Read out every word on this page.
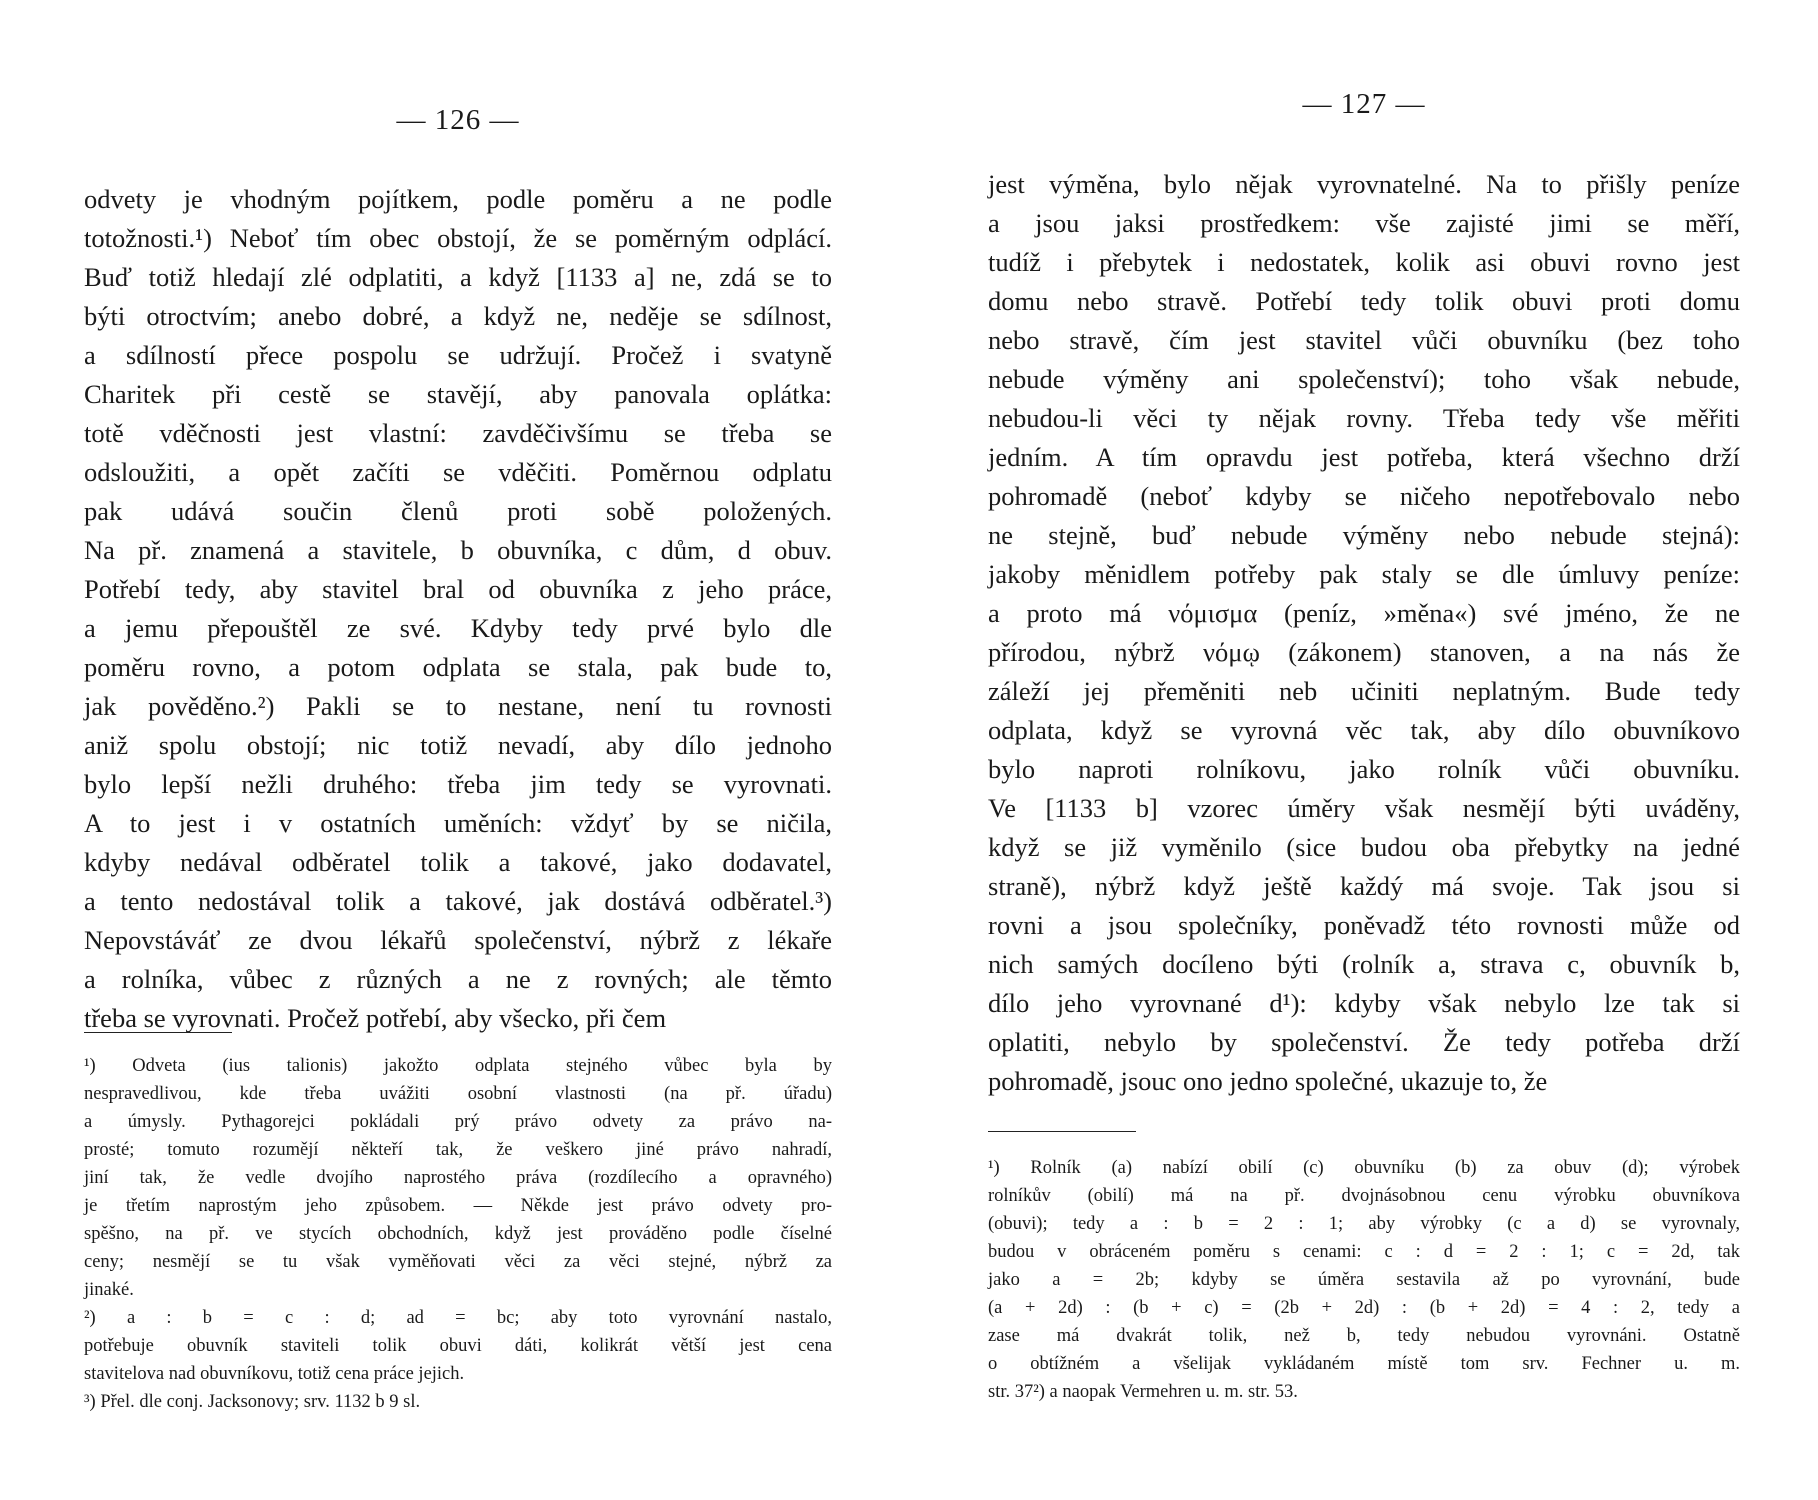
— 126 —
odvety je vhodným pojítkem, podle poměru a ne podle
totožnosti.¹) Neboť tím obec obstojí, že se poměrným odplácí.
Buď totiž hledají zlé odplatiti, a když [1133 a] ne, zdá se to
býti otroctvím; anebo dobré, a když ne, neděje se sdílnost,
a sdílností přece pospolu se udržují. Pročež i svatyně
Charitek při cestě se stavějí, aby panovala oplátka:
totě vděčnosti jest vlastní: zavděčivšímu se třeba se
odsloužiti, a opět začíti se vděčiti. Poměrnou odplatu
pak udává součin členů proti sobě položených.
Na př. znamená a stavitele, b obuvníka, c dům, d obuv.
Potřebí tedy, aby stavitel bral od obuvníka z jeho práce,
a jemu přepouštěl ze své. Kdyby tedy prvé bylo dle
poměru rovno, a potom odplata se stala, pak bude to,
jak pověděno.²) Pakli se to nestane, není tu rovnosti
aniž spolu obstojí; nic totiž nevadí, aby dílo jednoho
bylo lepší nežli druhého: třeba jim tedy se vyrovnati.
A to jest i v ostatních uměních: vždyť by se ničila,
kdyby nedával odběratel tolik a takové, jako dodavatel,
a tento nedostával tolik a takové, jak dostává odběratel.³)
Nepovstáváť ze dvou lékařů společenství, nýbrž z lékaře
a rolníka, vůbec z různých a ne z rovných; ale těmto
třeba se vyrovnati. Pročež potřebí, aby všecko, při čem
¹) Odveta (ius talionis) jakožto odplata stejného vůbec byla by
nespravedlivou, kde třeba uvážiti osobní vlastnosti (na př. úřadu)
a úmysly. Pythagorejci pokládali prý právo odvety za právo na-
prosté; tomuto rozumějí někteří tak, že veškero jiné právo nahradí,
jiní tak, že vedle dvojího naprostého práva (rozdílecího a opravného)
je třetím naprostým jeho způsobem. — Někde jest právo odvety pro-
spěšno, na př. ve stycích obchodních, když jest prováděno podle číselné
ceny; nesmějí se tu však vyměňovati věci za věci stejné, nýbrž za
jinaké.
²) a : b = c : d; ad = bc; aby toto vyrovnání nastalo,
potřebuje obuvník staviteli tolik obuvi dáti, kolikrát větší jest cena
stavitelova nad obuvníkovu, totiž cena práce jejich.
³) Přel. dle conj. Jacksonovy; srv. 1132 b 9 sl.
— 127 —
jest výměna, bylo nějak vyrovnatelné. Na to přišly peníze
a jsou jaksi prostředkem: vše zajisté jimi se měří,
tudíž i přebytek i nedostatek, kolik asi obuvi rovno jest
domu nebo stravě. Potřebí tedy tolik obuvi proti domu
nebo stravě, čím jest stavitel vůči obuvníku (bez toho
nebude výměny ani společenství); toho však nebude,
nebudou-li věci ty nějak rovny. Třeba tedy vše měřiti
jedním. A tím opravdu jest potřeba, která všechno drží
pohromadě (neboť kdyby se ničeho nepotřebovalo nebo
ne stejně, buď nebude výměny nebo nebude stejná):
jakoby měnidlem potřeby pak staly se dle úmluvy peníze:
a proto má νόμισμα (peníz, »měna«) své jméno, že ne
přírodou, nýbrž νόμῳ (zákonem) stanoven, a na nás že
záleží jej přeměniti neb učiniti neplatným. Bude tedy
odplata, když se vyrovná věc tak, aby dílo obuvníkovo
bylo naproti rolníkovu, jako rolník vůči obuvníku.
Ve [1133 b] vzorec úměry však nesmějí býti uváděny,
když se již vyměnilo (sice budou oba přebytky na jedné
straně), nýbrž když ještě každý má svoje. Tak jsou si
rovni a jsou společníky, poněvadž této rovnosti může od
nich samých docíleno býti (rolník a, strava c, obuvník b,
dílo jeho vyrovnané d¹): kdyby však nebylo lze tak si
oplatiti, nebylo by společenství. Že tedy potřeba drží
pohromadě, jsouc ono jedno společné, ukazuje to, že
¹) Rolník (a) nabízí obilí (c) obuvníku (b) za obuv (d); výrobek
rolníkův (obilí) má na př. dvojnásobnou cenu výrobku obuvníkova
(obuvi); tedy a : b = 2 : 1; aby výrobky (c a d) se vyrovnaly,
budou v obráceném poměru s cenami: c : d = 2 : 1; c = 2d, tak
jako a = 2b; kdyby se úměra sestavila až po vyrovnání, bude
(a + 2d) : (b + c) = (2b + 2d) : (b + 2d) = 4 : 2, tedy a
zase má dvakrát tolik, než b, tedy nebudou vyrovnáni. Ostatně
o obtížném a všelijak vykládaném místě tom srv. Fechner u. m.
str. 37²) a naopak Vermehren u. m. str. 53.
